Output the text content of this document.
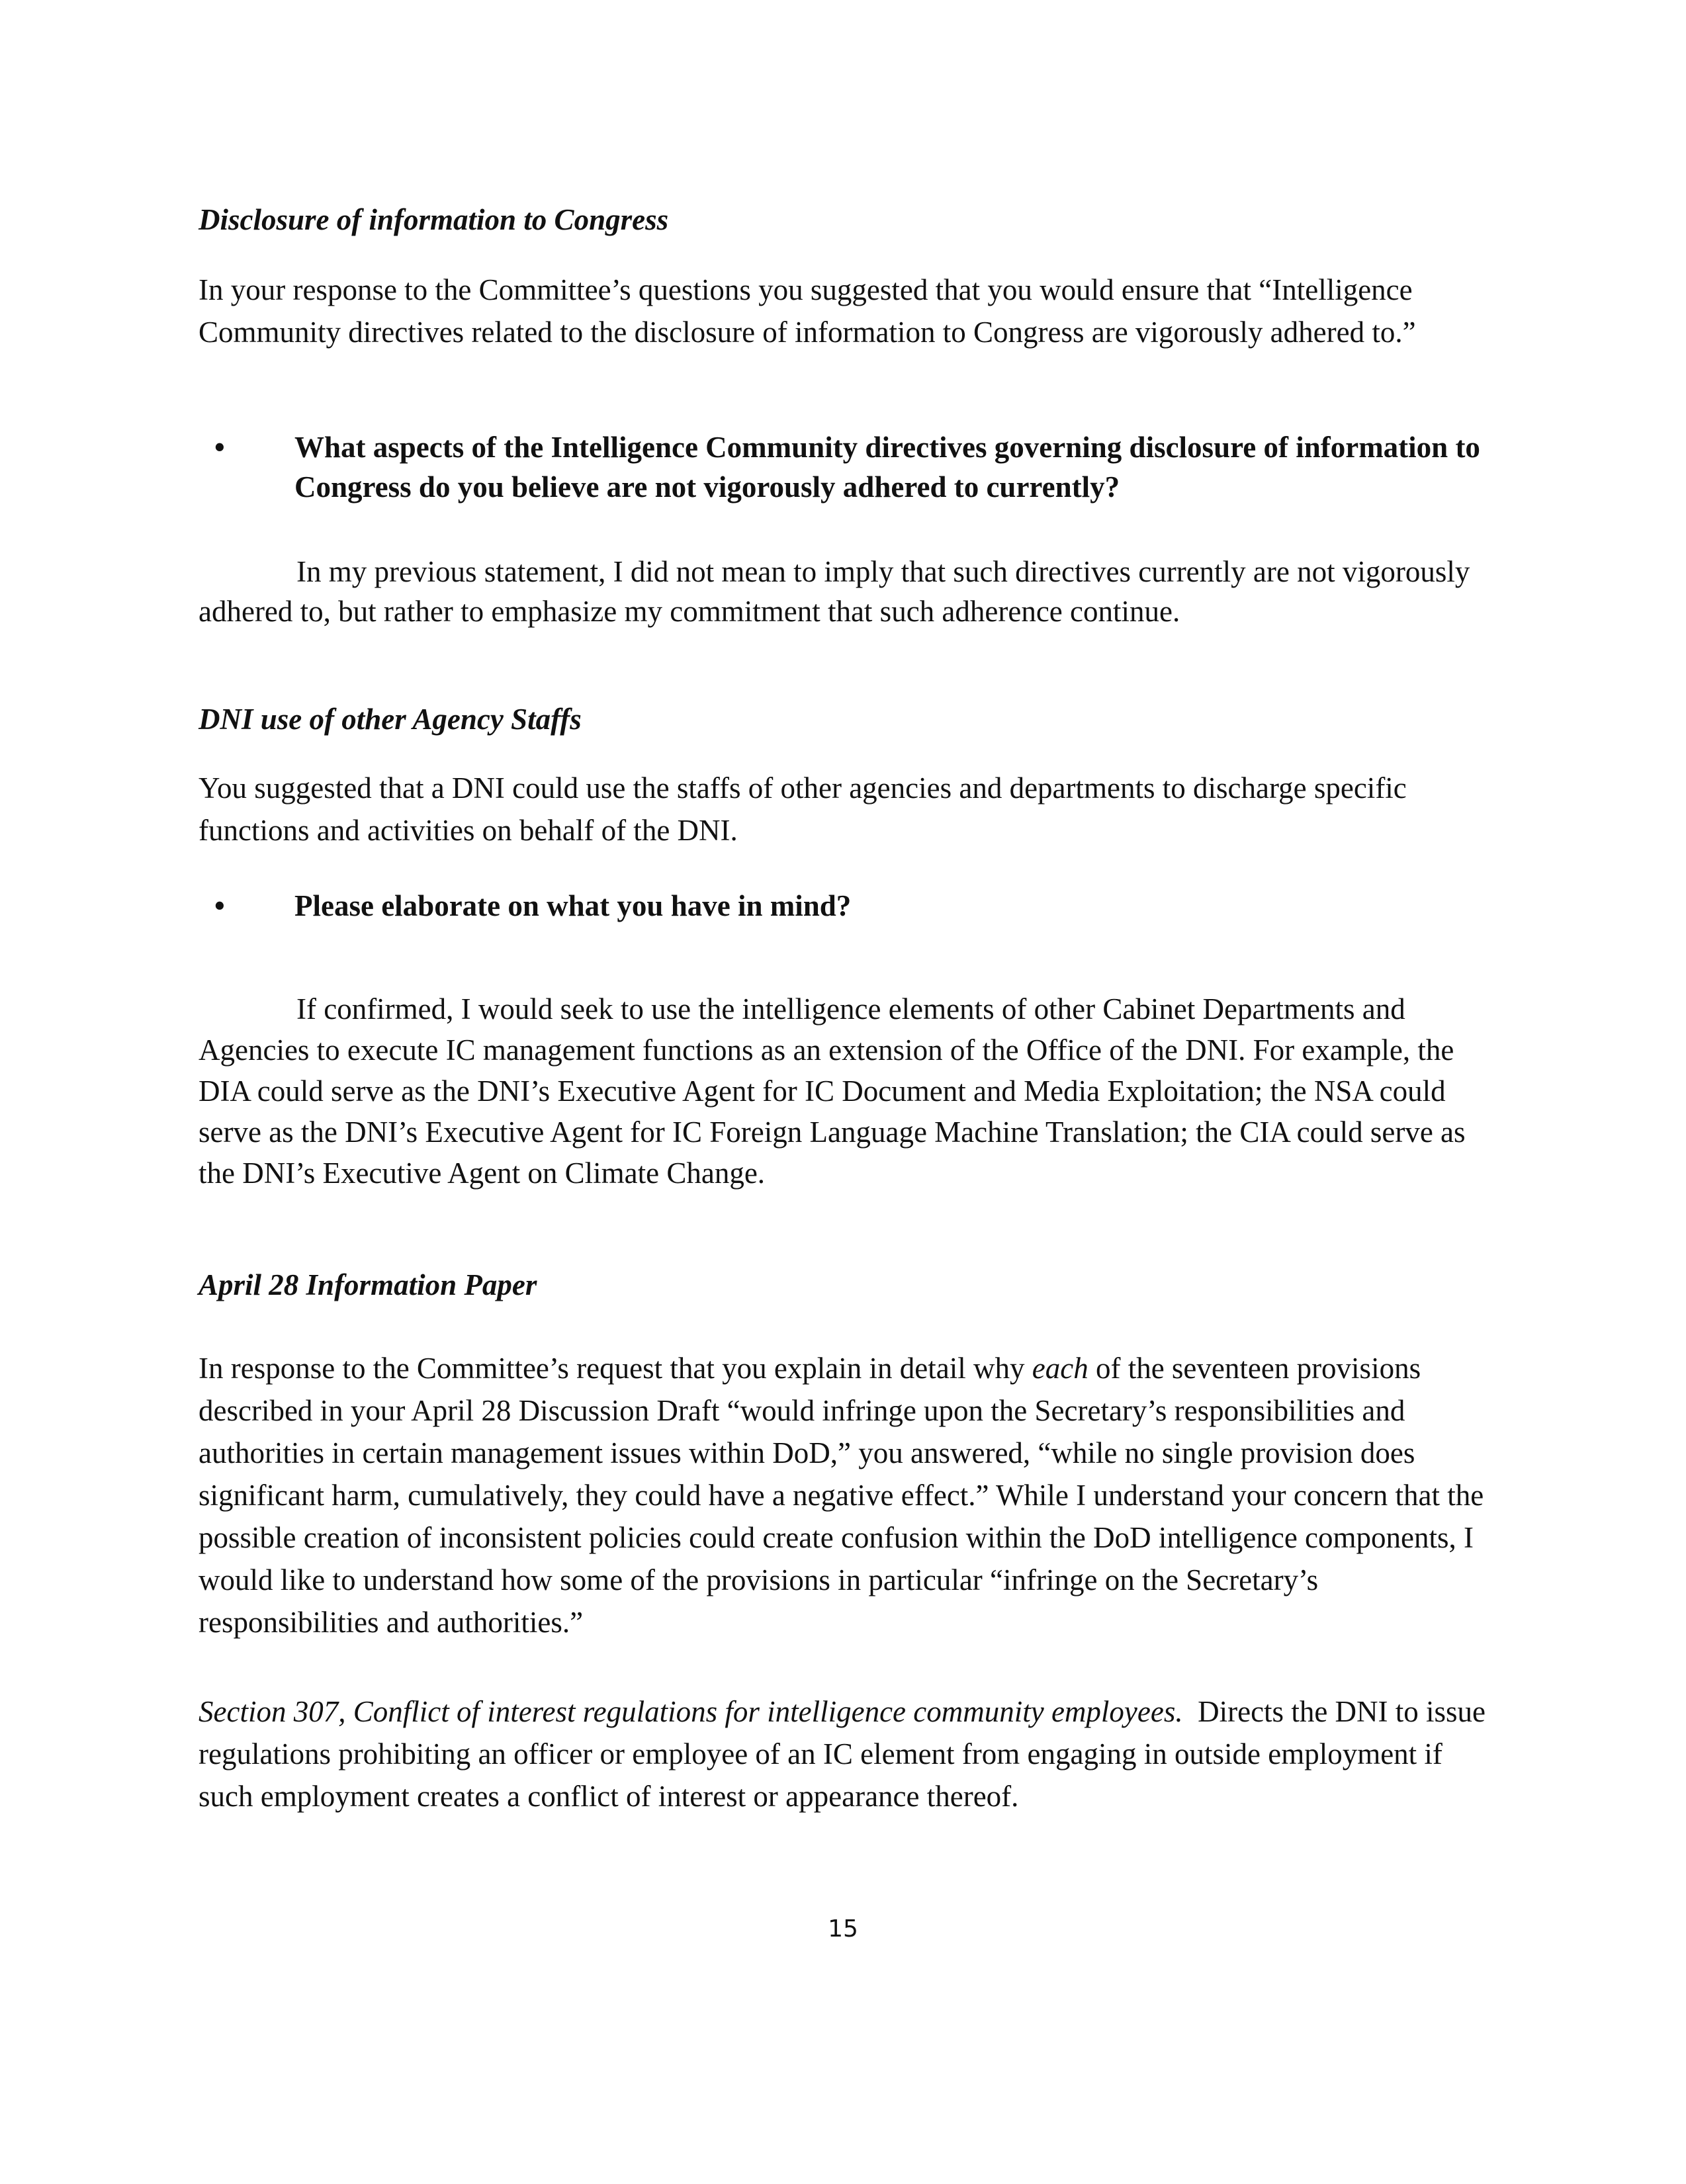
Disclosure of information to Congress
In your response to the Committee’s questions you suggested that you would ensure that “Intelligence Community directives related to the disclosure of information to Congress are vigorously adhered to.”
• What aspects of the Intelligence Community directives governing disclosure of information to Congress do you believe are not vigorously adhered to currently?
In my previous statement, I did not mean to imply that such directives currently are not vigorously adhered to, but rather to emphasize my commitment that such adherence continue.
DNI use of other Agency Staffs
You suggested that a DNI could use the staffs of other agencies and departments to discharge specific functions and activities on behalf of the DNI.
• Please elaborate on what you have in mind?
If confirmed, I would seek to use the intelligence elements of other Cabinet Departments and Agencies to execute IC management functions as an extension of the Office of the DNI. For example, the DIA could serve as the DNI’s Executive Agent for IC Document and Media Exploitation; the NSA could serve as the DNI’s Executive Agent for IC Foreign Language Machine Translation; the CIA could serve as the DNI’s Executive Agent on Climate Change.
April 28 Information Paper
In response to the Committee’s request that you explain in detail why each of the seventeen provisions described in your April 28 Discussion Draft “would infringe upon the Secretary’s responsibilities and authorities in certain management issues within DoD,” you answered, “while no single provision does significant harm, cumulatively, they could have a negative effect.” While I understand your concern that the possible creation of inconsistent policies could create confusion within the DoD intelligence components, I would like to understand how some of the provisions in particular “infringe on the Secretary’s responsibilities and authorities.”
Section 307, Conflict of interest regulations for intelligence community employees.  Directs the DNI to issue regulations prohibiting an officer or employee of an IC element from engaging in outside employment if such employment creates a conflict of interest or appearance thereof.
15
